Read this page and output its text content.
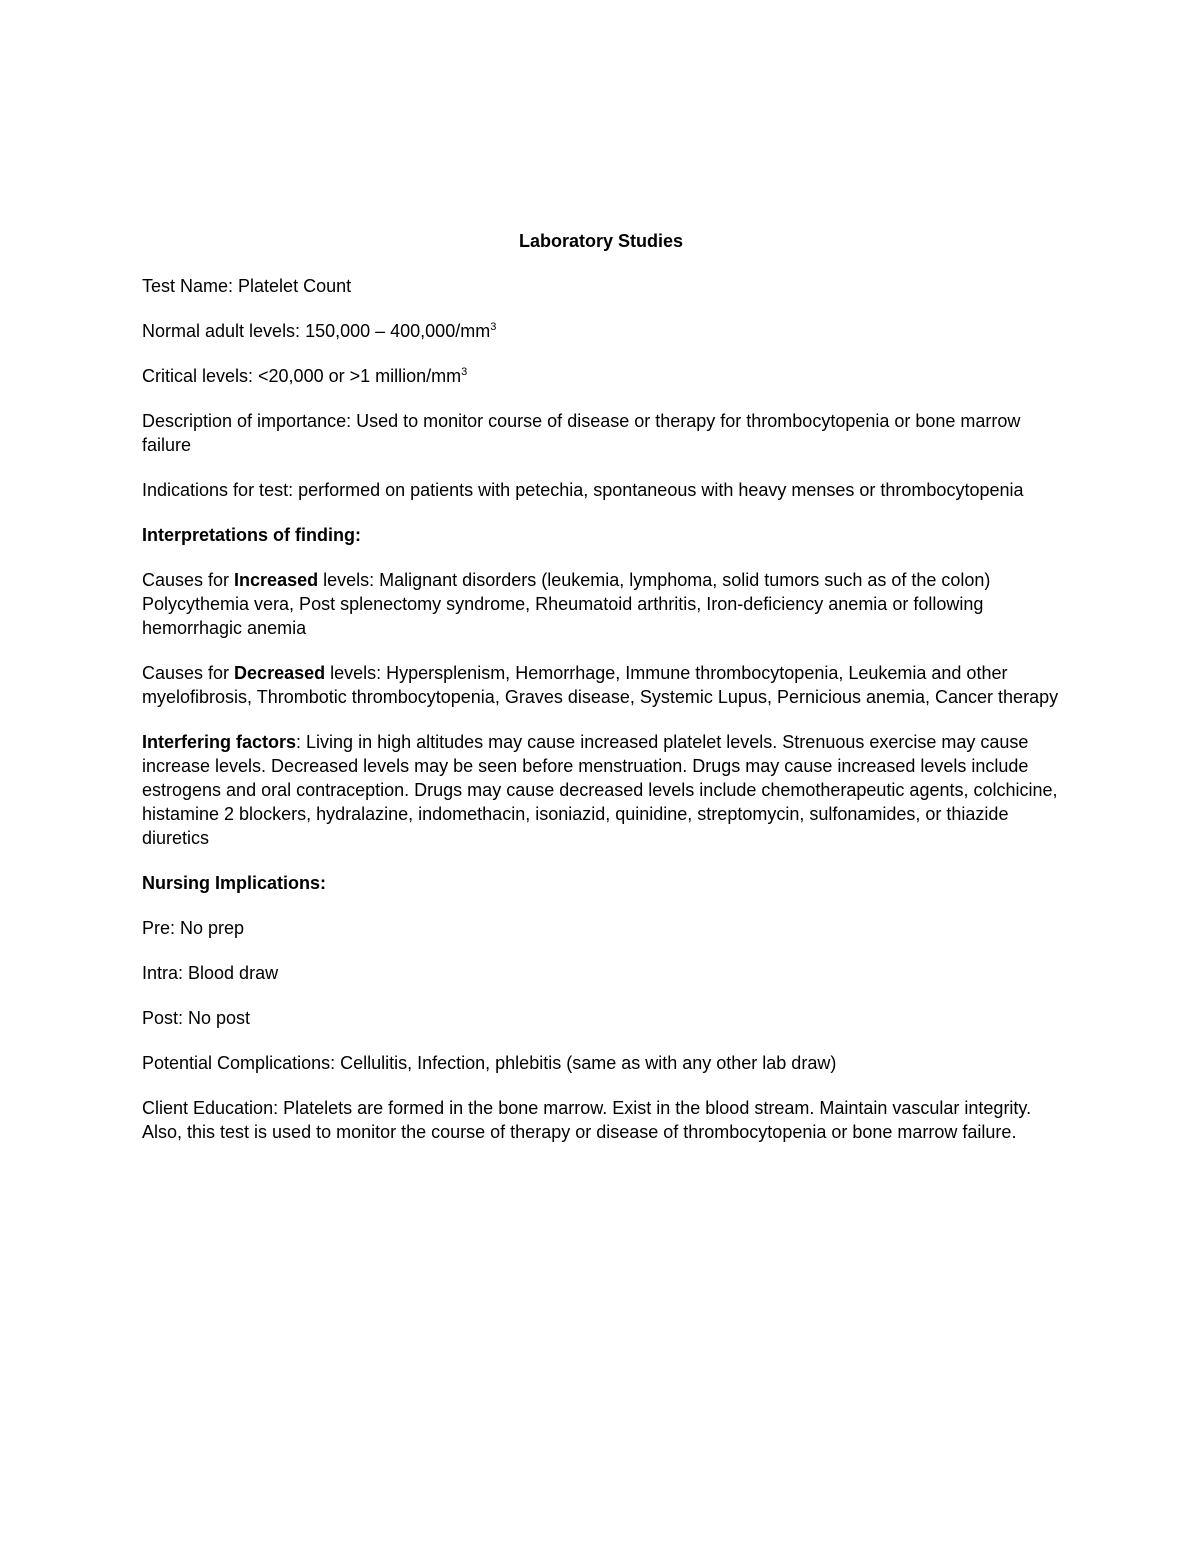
Laboratory Studies

Test Name: Platelet Count

Normal adult levels: $150,000 - 400,000/mm^3$

Critical levels: <20,000 or >1 million/$mm^3$

Description of importance: Used to monitor course of disease or therapy for thrombocytopenia or bone marrow failure

Indications for test: performed on patients with petechia, spontaneous with heavy menses or thrombocytopenia

Interpretations of finding:

Causes for Increased levels: Malignant disorders (leukemia, lymphoma, solid tumors such as of the colon) Polycythemia vera, Post splenectomy syndrome, Rheumatoid arthritis, Iron-deficiency anemia or following hemorrhagic anemia

Causes for Decreased levels: Hypersplenism, Hemorrhage, Immune thrombocytopenia, Leukemia and other myelofibrosis, Thrombotic thrombocytopenia, Graves disease, Systemic Lupus, Pernicious anemia, Cancer therapy

Interfering factors: Living in high altitudes may cause increased platelet levels. Strenuous exercise may cause increase levels. Decreased levels may be seen before menstruation. Drugs may cause increased levels include estrogens and oral contraception. Drugs may cause decreased levels include chemotherapeutic agents, colchicine, histamine 2 blockers, hydralazine, indomethacin, isoniazid, quinidine, streptomycin, sulfonamides, or thiazide diuretics

Nursing Implications:

Pre: No prep

Intra: Blood draw

Post: No post

Potential Complications: Cellulitis, Infection, phlebitis (same as with any other lab draw)

Client Education: Platelets are formed in the bone marrow. Exist in the blood stream. Maintain vascular integrity. Also, this test is used to monitor the course of therapy or disease of thrombocytopenia or bone marrow failure.
